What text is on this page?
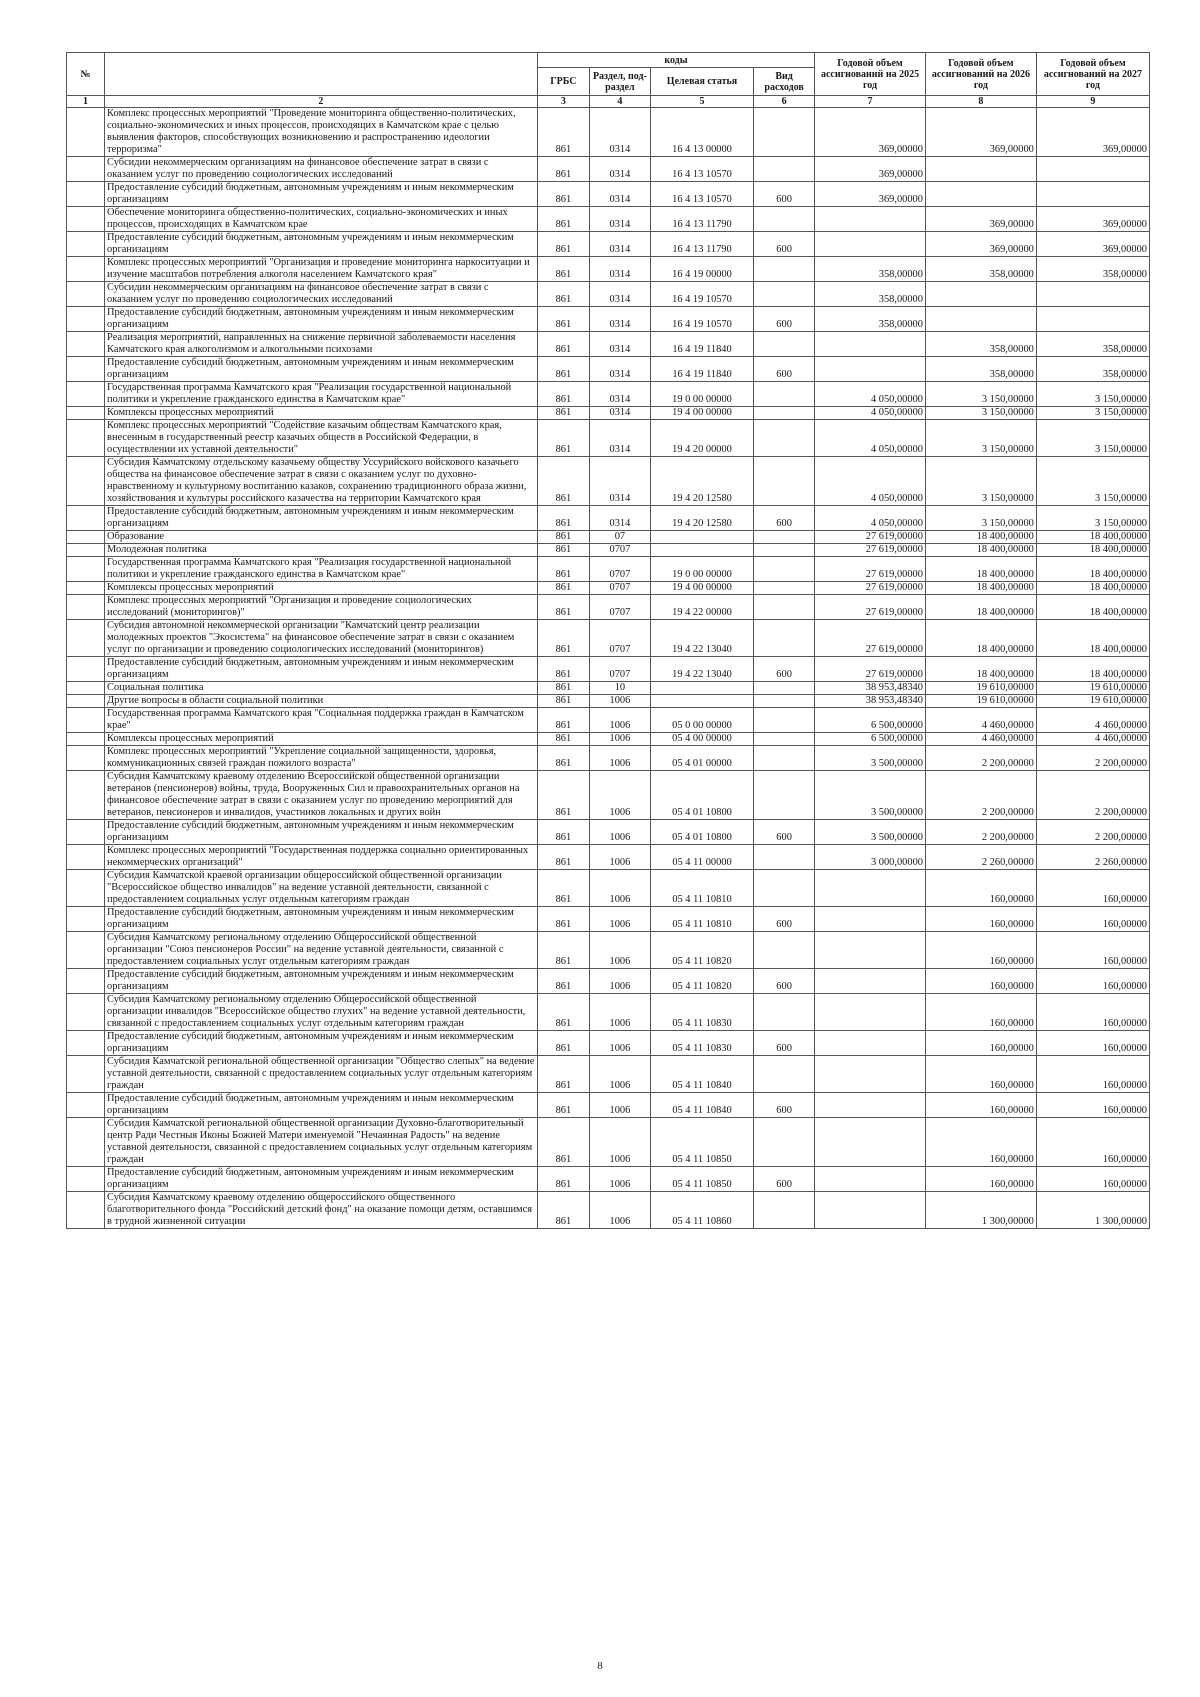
№		коды				Годовой объем ассигнований на 2025 год	Годовой объем ассигнований на 2026 год	Годовой объем ассигнований на 2027 год
		ГРБС	Раздел, под-раздел	Целевая статья	Вид расходов			
1	2	3	4	5	6	7	8	9
	Комплекс процессных мероприятий "Проведение мониторинга общественно-политических, социально-экономических и иных процессов, происходящих в Камчатском крае с целью выявления факторов, способствующих возникновению и распространению идеологии терроризма"	861	0314	16 4 13 00000		369,00000	369,00000	369,00000
	Субсидии некоммерческим организациям на финансовое обеспечение затрат в связи с оказанием услуг по проведению социологических исследований	861	0314	16 4 13 10570		369,00000		
	Предоставление субсидий бюджетным, автономным учреждениям и иным некоммерческим организациям	861	0314	16 4 13 10570	600	369,00000		
	Обеспечение мониторинга общественно-политических, социально-экономических и иных процессов, происходящих в Камчатском крае	861	0314	16 4 13 11790			369,00000	369,00000
	Предоставление субсидий бюджетным, автономным учреждениям и иным некоммерческим организациям	861	0314	16 4 13 11790	600		369,00000	369,00000
	Комплекс процессных мероприятий "Организация и проведение мониторинга наркоситуации и изучение масштабов потребления алкоголя населением Камчатского края"	861	0314	16 4 19 00000		358,00000	358,00000	358,00000
	Субсидии некоммерческим организациям на финансовое обеспечение затрат в связи с оказанием услуг по проведению социологических исследований	861	0314	16 4 19 10570		358,00000		
	Предоставление субсидий бюджетным, автономным учреждениям и иным некоммерческим организациям	861	0314	16 4 19 10570	600	358,00000		
	Реализация мероприятий, направленных на снижение первичной заболеваемости населения Камчатского края алкоголизмом и алкогольными психозами	861	0314	16 4 19 11840			358,00000	358,00000
	Предоставление субсидий бюджетным, автономным учреждениям и иным некоммерческим организациям	861	0314	16 4 19 11840	600		358,00000	358,00000
	Государственная программа Камчатского края "Реализация государственной национальной политики и укрепление гражданского единства в Камчатском крае"	861	0314	19 0 00 00000		4 050,00000	3 150,00000	3 150,00000
	Комплексы процессных мероприятий	861	0314	19 4 00 00000		4 050,00000	3 150,00000	3 150,00000
	Комплекс процессных мероприятий "Содействие казачьим обществам Камчатского края, внесенным в государственный реестр казачьих обществ в Российской Федерации, в осуществлении их уставной деятельности"	861	0314	19 4 20 00000		4 050,00000	3 150,00000	3 150,00000
	Субсидия Камчатскому отдельскому казачьему обществу Уссурийского войскового казачьего общества на финансовое обеспечение затрат в связи с оказанием услуг по духовно-нравственному и культурному воспитанию казаков, сохранению традиционного образа жизни, хозяйствования и культуры российского казачества на территории Камчатского края	861	0314	19 4 20 12580		4 050,00000	3 150,00000	3 150,00000
	Предоставление субсидий бюджетным, автономным учреждениям и иным некоммерческим организациям	861	0314	19 4 20 12580	600	4 050,00000	3 150,00000	3 150,00000
	Образование	861	07			27 619,00000	18 400,00000	18 400,00000
	Молодежная политика	861	0707			27 619,00000	18 400,00000	18 400,00000
	Государственная программа Камчатского края "Реализация государственной национальной политики и укрепление гражданского единства в Камчатском крае"	861	0707	19 0 00 00000		27 619,00000	18 400,00000	18 400,00000
	Комплексы процессных мероприятий	861	0707	19 4 00 00000		27 619,00000	18 400,00000	18 400,00000
	Комплекс процессных мероприятий "Организация и проведение социологических исследований (мониторингов)"	861	0707	19 4 22 00000		27 619,00000	18 400,00000	18 400,00000
	Субсидия автономной некоммерческой организации "Камчатский центр реализации молодежных проектов "Экосистема" на финансовое обеспечение затрат в связи с оказанием услуг по организации и проведению социологических исследований (мониторингов)	861	0707	19 4 22 13040		27 619,00000	18 400,00000	18 400,00000
	Предоставление субсидий бюджетным, автономным учреждениям и иным некоммерческим организациям	861	0707	19 4 22 13040	600	27 619,00000	18 400,00000	18 400,00000
	Социальная политика	861	10			38 953,48340	19 610,00000	19 610,00000
	Другие вопросы в области социальной политики	861	1006			38 953,48340	19 610,00000	19 610,00000
	Государственная программа Камчатского края "Социальная поддержка граждан в Камчатском крае"	861	1006	05 0 00 00000		6 500,00000	4 460,00000	4 460,00000
	Комплексы процессных мероприятий	861	1006	05 4 00 00000		6 500,00000	4 460,00000	4 460,00000
	Комплекс процессных мероприятий "Укрепление социальной защищенности, здоровья, коммуникационных связей граждан пожилого возраста"	861	1006	05 4 01 00000		3 500,00000	2 200,00000	2 200,00000
	Субсидия Камчатскому краевому отделению Всероссийской общественной организации ветеранов (пенсионеров) войны, труда, Вооруженных Сил и правоохранительных органов на финансовое обеспечение затрат в связи с оказанием услуг по проведению мероприятий для ветеранов, пенсионеров и инвалидов, участников локальных и других войн	861	1006	05 4 01 10800		3 500,00000	2 200,00000	2 200,00000
	Предоставление субсидий бюджетным, автономным учреждениям и иным некоммерческим организациям	861	1006	05 4 01 10800	600	3 500,00000	2 200,00000	2 200,00000
	Комплекс процессных мероприятий "Государственная поддержка социально ориентированных некоммерческих организаций"	861	1006	05 4 11 00000		3 000,00000	2 260,00000	2 260,00000
	Субсидия Камчатской краевой организации общероссийской общественной организации "Всероссийское общество инвалидов" на ведение уставной деятельности, связанной с предоставлением социальных услуг отдельным категориям граждан	861	1006	05 4 11 10810			160,00000	160,00000
	Предоставление субсидий бюджетным, автономным учреждениям и иным некоммерческим организациям	861	1006	05 4 11 10810	600		160,00000	160,00000
	Субсидия Камчатскому региональному отделению Общероссийской общественной организации "Союз пенсионеров России" на ведение уставной деятельности, связанной с предоставлением социальных услуг отдельным категориям граждан	861	1006	05 4 11 10820			160,00000	160,00000
	Предоставление субсидий бюджетным, автономным учреждениям и иным некоммерческим организациям	861	1006	05 4 11 10820	600		160,00000	160,00000
	Субсидия Камчатскому региональному отделению Общероссийской общественной организации инвалидов "Всероссийское общество глухих" на ведение уставной деятельности, связанной с предоставлением социальных услуг отдельным категориям граждан	861	1006	05 4 11 10830			160,00000	160,00000
	Предоставление субсидий бюджетным, автономным учреждениям и иным некоммерческим организациям	861	1006	05 4 11 10830	600		160,00000	160,00000
	Субсидия Камчатской региональной общественной организации "Общество слепых" на ведение уставной деятельности, связанной с предоставлением социальных услуг отдельным категориям граждан	861	1006	05 4 11 10840			160,00000	160,00000
	Предоставление субсидий бюджетным, автономным учреждениям и иным некоммерческим организациям	861	1006	05 4 11 10840	600		160,00000	160,00000
	Субсидия Камчатской региональной общественной организации Духовно-благотворительный центр Ради Честныя Иконы Божией Матери именуемой "Нечаянная Радость" на ведение уставной деятельности, связанной с предоставлением социальных услуг отдельным категориям граждан	861	1006	05 4 11 10850			160,00000	160,00000
	Предоставление субсидий бюджетным, автономным учреждениям и иным некоммерческим организациям	861	1006	05 4 11 10850	600		160,00000	160,00000
	Субсидия Камчатскому краевому отделению общероссийского общественного благотворительного фонда "Российский детский фонд" на оказание помощи детям, оставшимся в трудной жизненной ситуации	861	1006	05 4 11 10860			1 300,00000	1 300,00000
8
